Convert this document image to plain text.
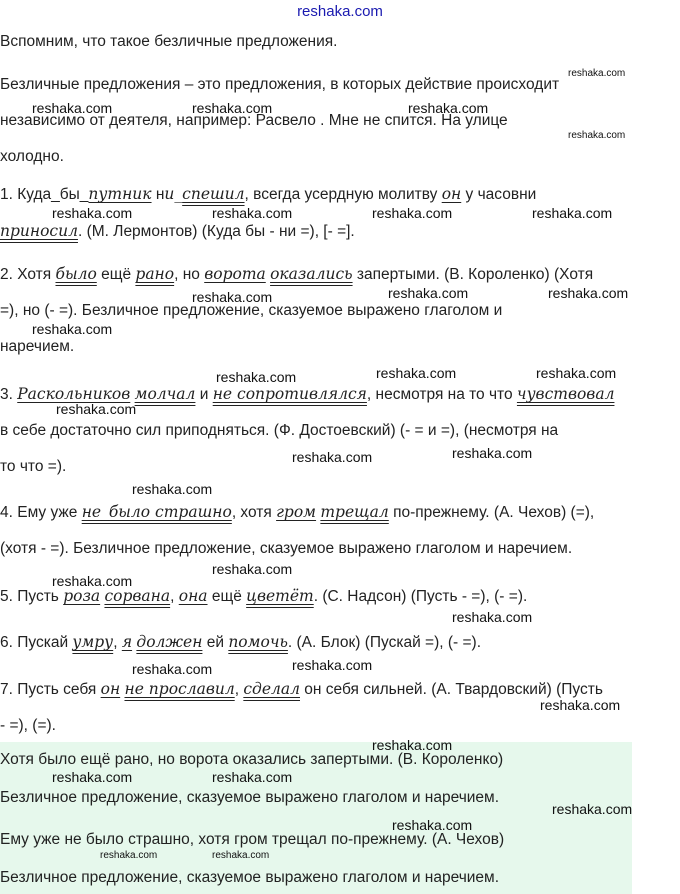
reshaka.com

Вспомним, что такое безличные предложения.

Безличные предложения – это предложения, в которых действие происходит
независимо от деятеля, например: Расвело . Мне не спится. На улице
холодно.

1. Куда_бы_путник ни_спешил, всегда усердную молитву он у часовни
приносил. (М. Лермонтов) (Куда бы - ни =), [- =].

2. Хотя было ещё рано, но ворота оказались запертыми. (В. Короленко) (Хотя
=), но (- =). Безличное предложение, сказуемое выражено глаголом и
наречием.

3. Раскольников молчал и не сопротивлялся, несмотря на то что чувствовал
в себе достаточно сил приподняться. (Ф. Достоевский) (- = и =), (несмотря на
то что =).

4. Ему уже не_было страшно, хотя гром трещал по-прежнему. (А. Чехов) (=),
(хотя - =). Безличное предложение, сказуемое выражено глаголом и наречием.

5. Пусть роза сорвана, она ещё цветёт. (С. Надсон) (Пусть - =), (- =).

6. Пускай умру, я должен ей помочь. (А. Блок) (Пускай =), (- =).

7. Пусть себя он не прославил, сделал он себя сильней. (А. Твардовский) (Пусть
- =), (=).

Хотя было ещё рано, но ворота оказались запертыми. (В. Короленко)
Безличное предложение, сказуемое выражено глаголом и наречием.
Ему уже не было страшно, хотя гром трещал по-прежнему. (А. Чехов)
Безличное предложение, сказуемое выражено глаголом и наречием.
reshaka.com
reshaka.com	reshaka.com	reshaka.com
reshaka.com
reshaka.com	reshaka.com	reshaka.com	reshaka.com
reshaka.com	reshaka.com	reshaka.com
reshaka.com
reshaka.com	reshaka.com	reshaka.com
reshaka.com
reshaka.com	reshaka.com
reshaka.com
reshaka.com
reshaka.com
reshaka.com
reshaka.com	reshaka.com
reshaka.com
reshaka.com
reshaka.com	reshaka.com
reshaka.com
reshaka.com
reshaka.com	reshaka.com
